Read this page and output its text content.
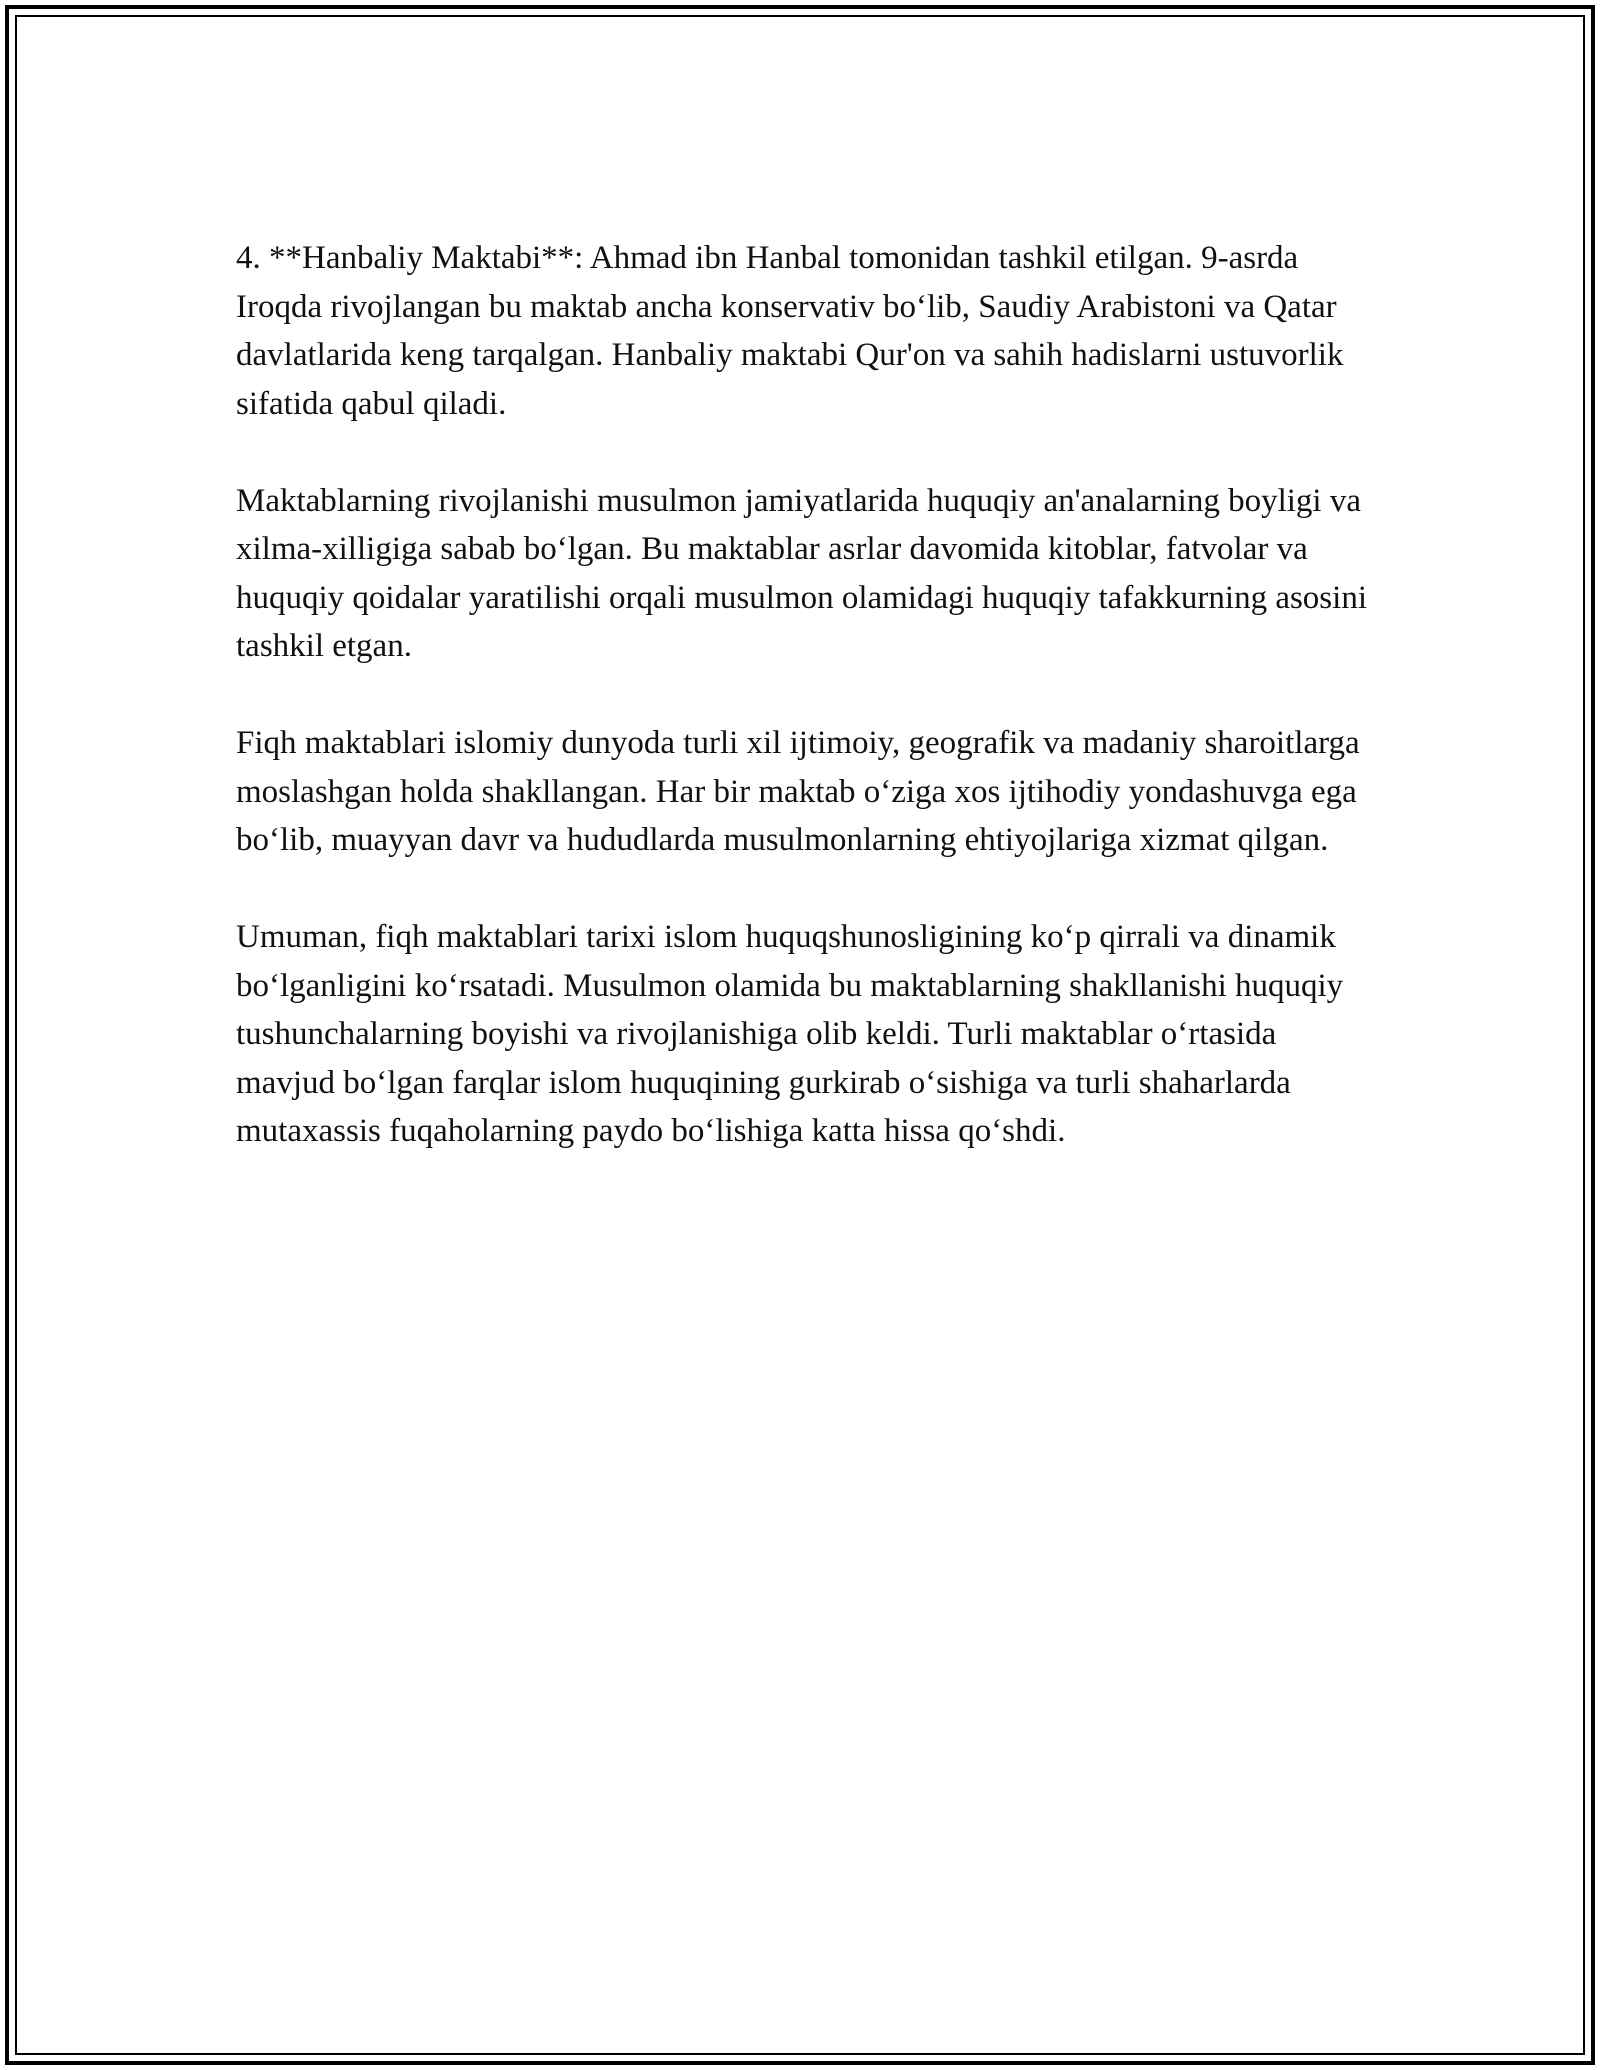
4. **Hanbaliy Maktabi**: Ahmad ibn Hanbal tomonidan tashkil etilgan. 9-asrda Iroqda rivojlangan bu maktab ancha konservativ bo‘lib, Saudiy Arabistoni va Qatar davlatlarida keng tarqalgan. Hanbaliy maktabi Qur'on va sahih hadislarni ustuvorlik sifatida qabul qiladi.

Maktablarning rivojlanishi musulmon jamiyatlarida huquqiy an'analarning boyligi va xilma-xilligiga sabab bo‘lgan. Bu maktablar asrlar davomida kitoblar, fatvolar va huquqiy qoidalar yaratilishi orqali musulmon olamidagi huquqiy tafakkurning asosini tashkil etgan.

Fiqh maktablari islomiy dunyoda turli xil ijtimoiy, geografik va madaniy sharoitlarga moslashgan holda shakllangan. Har bir maktab o‘ziga xos ijtihodiy yondashuvga ega bo‘lib, muayyan davr va hududlarda musulmonlarning ehtiyojlariga xizmat qilgan.

Umuman, fiqh maktablari tarixi islom huquqshunosligining ko‘p qirrali va dinamik bo‘lganligini ko‘rsatadi. Musulmon olamida bu maktablarning shakllanishi huquqiy tushunchalarning boyishi va rivojlanishiga olib keldi. Turli maktablar o‘rtasida mavjud bo‘lgan farqlar islom huquqining gurkirab o‘sishiga va turli shaharlarda mutaxassis fuqaholarning paydo bo‘lishiga katta hissa qo‘shdi.
